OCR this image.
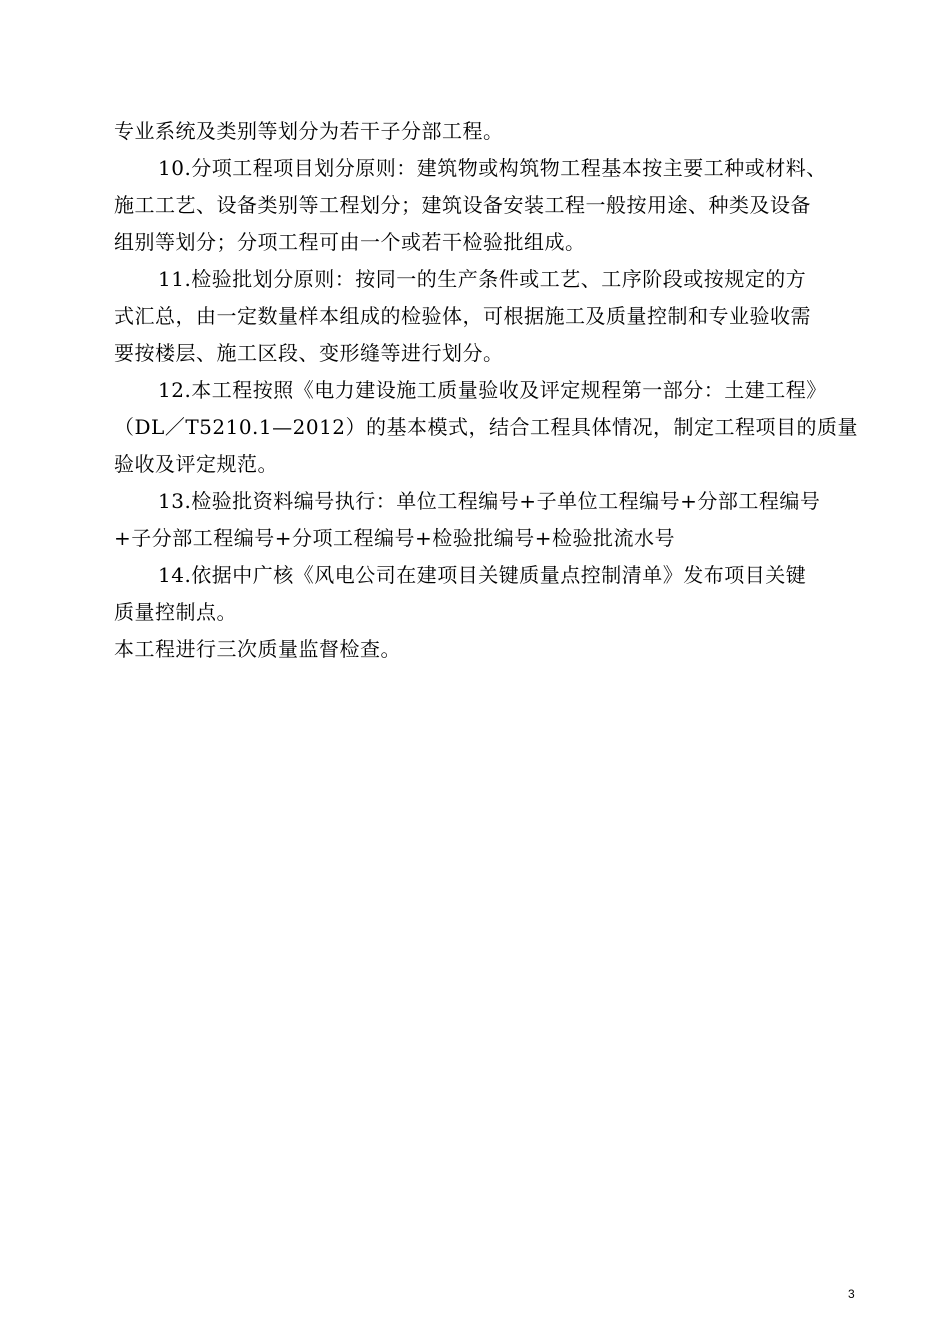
专业系统及类别等划分为若干子分部工程。
10.分项工程项目划分原则：建筑物或构筑物工程基本按主要工种或材料、
施工工艺、设备类别等工程划分；建筑设备安装工程一般按用途、种类及设备
组别等划分；分项工程可由一个或若干检验批组成。
11.检验批划分原则：按同一的生产条件或工艺、工序阶段或按规定的方
式汇总，由一定数量样本组成的检验体，可根据施工及质量控制和专业验收需
要按楼层、施工区段、变形缝等进行划分。
12.本工程按照《电力建设施工质量验收及评定规程第一部分：土建工程》
（DL／T5210.1—2012）的基本模式，结合工程具体情况，制定工程项目的质量
验收及评定规范。
13.检验批资料编号执行：单位工程编号+子单位工程编号+分部工程编号
+子分部工程编号+分项工程编号+检验批编号+检验批流水号
14.依据中广核《风电公司在建项目关键质量点控制清单》发布项目关键
质量控制点。
本工程进行三次质量监督检查。
3
